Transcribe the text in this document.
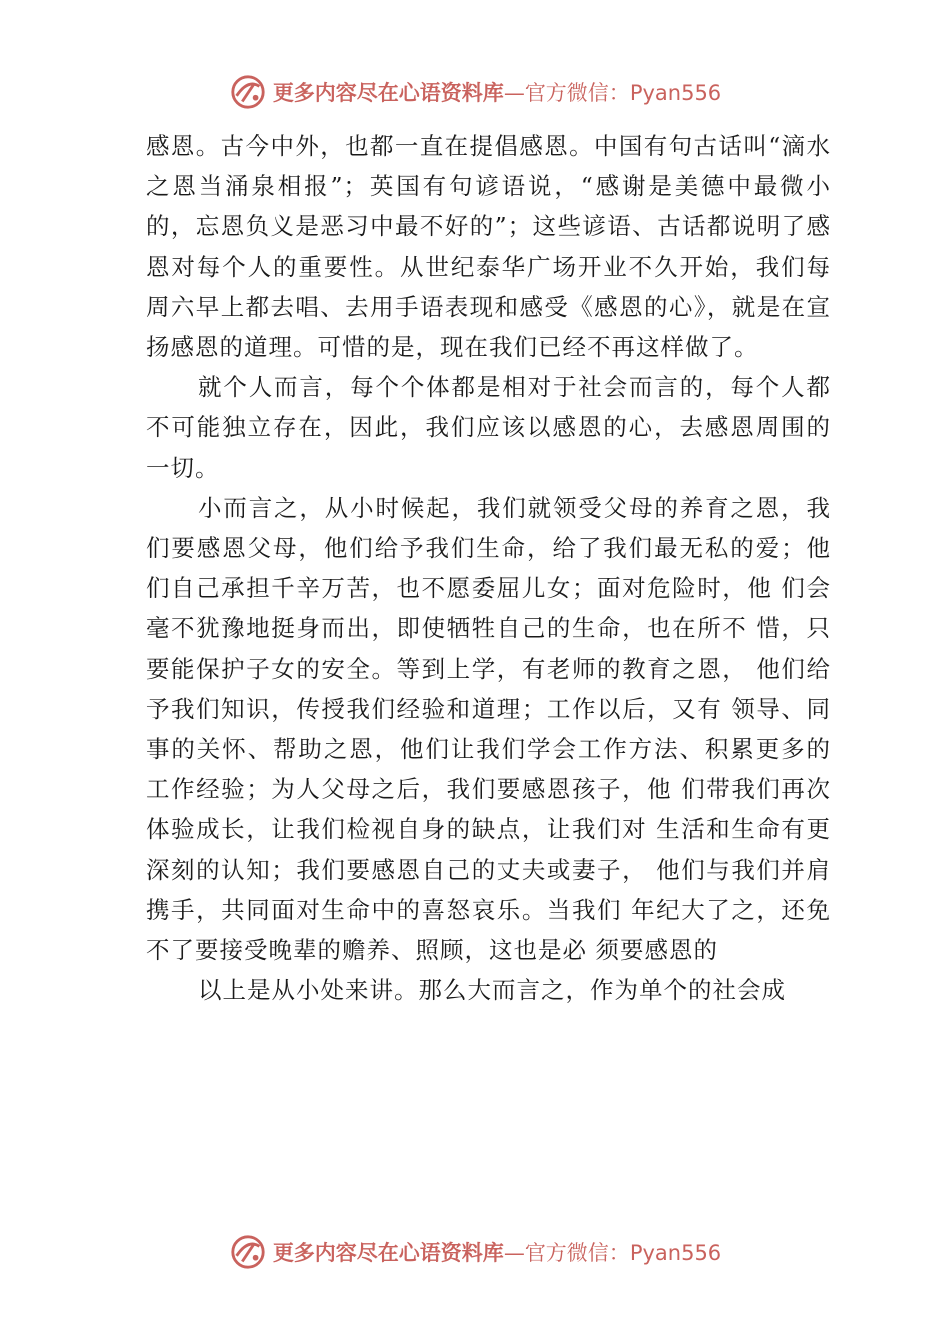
更多内容尽在心语资料库—官方微信：Pyan556

感恩。古今中外，也都一直在提倡感恩。中国有句古话叫“滴水之恩当涌泉相报”；英国有句谚语说，“感谢是美德中最微小的，忘恩负义是恶习中最不好的”；这些谚语、古话都说明了感恩对每个人的重要性。从世纪泰华广场开业不久开始，我们每周六早上都去唱、去用手语表现和感受《感恩的心》，就是在宣扬感恩的道理。可惜的是，现在我们已经不再这样做了。

就个人而言，每个个体都是相对于社会而言的，每个人都不可能独立存在，因此，我们应该以感恩的心，去感恩周围的一切。

小而言之，从小时候起，我们就领受父母的养育之恩，我们要感恩父母，他们给予我们生命，给了我们最无私的爱；他们自己承担千辛万苦，也不愿委屈儿女；面对危险时，他 们会毫不犹豫地挺身而出，即使牺牲自己的生命，也在所不 惜，只要能保护子女的安全。等到上学，有老师的教育之恩， 他们给予我们知识，传授我们经验和道理；工作以后，又有 领导、同事的关怀、帮助之恩，他们让我们学会工作方法、积累更多的工作经验；为人父母之后，我们要感恩孩子，他 们带我们再次体验成长，让我们检视自身的缺点，让我们对 生活和生命有更深刻的认知；我们要感恩自己的丈夫或妻子， 他们与我们并肩携手，共同面对生命中的喜怒哀乐。当我们 年纪大了之，还免不了要接受晚辈的赡养、照顾，这也是必 须要感恩的

以上是从小处来讲。那么大而言之，作为单个的社会成

更多内容尽在心语资料库—官方微信：Pyan556
